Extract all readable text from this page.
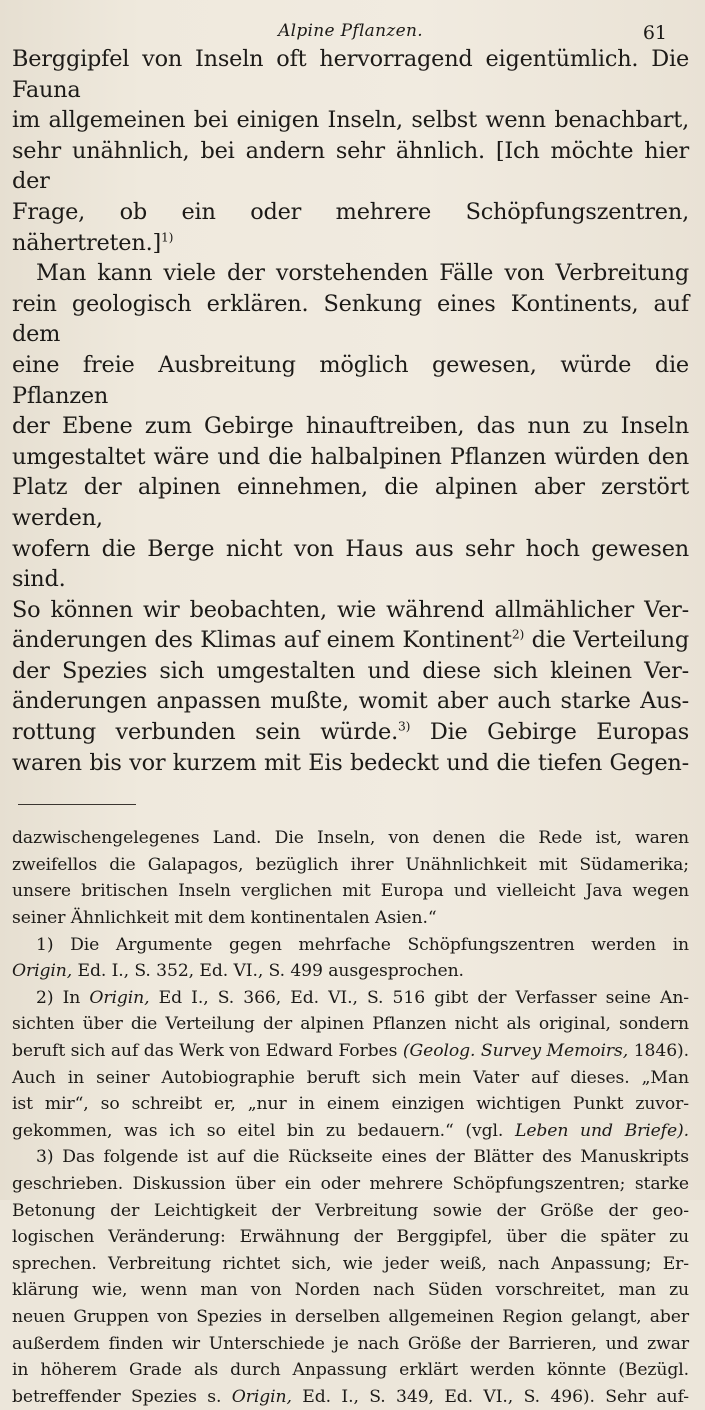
Alpine Pflanzen.	61
Berggipfel von Inseln oft hervorragend eigentümlich. Die Fauna
im allgemeinen bei einigen Inseln, selbst wenn benachbart,
sehr unähnlich, bei andern sehr ähnlich. [Ich möchte hier der
Frage, ob ein oder mehrere Schöpfungszentren, nähertreten.]$^{1)}$
Man kann viele der vorstehenden Fälle von Verbreitung
rein geologisch erklären. Senkung eines Kontinents, auf dem
eine freie Ausbreitung möglich gewesen, würde die Pflanzen
der Ebene zum Gebirge hinauftreiben, das nun zu Inseln
umgestaltet wäre und die halbalpinen Pflanzen würden den
Platz der alpinen einnehmen, die alpinen aber zerstört werden,
wofern die Berge nicht von Haus aus sehr hoch gewesen sind.
So können wir beobachten, wie während allmählicher Ver-
änderungen des Klimas auf einem Kontinent$^{2)}$ die Verteilung
der Spezies sich umgestalten und diese sich kleinen Ver-
änderungen anpassen mußte, womit aber auch starke Aus-
rottung verbunden sein würde.$^{3)}$ Die Gebirge Europas
waren bis vor kurzem mit Eis bedeckt und die tiefen Gegen-
dazwischengelegenes Land. Die Inseln, von denen die Rede ist, waren
zweifellos die Galapagos, bezüglich ihrer Unähnlichkeit mit Südamerika;
unsere britischen Inseln verglichen mit Europa und vielleicht Java wegen
seiner Ähnlichkeit mit dem kontinentalen Asien.“
1) Die Argumente gegen mehrfache Schöpfungszentren werden in
Origin, Ed. I., S. 352, Ed. VI., S. 499 ausgesprochen.
2) In Origin, Ed I., S. 366, Ed. VI., S. 516 gibt der Verfasser seine An-
sichten über die Verteilung der alpinen Pflanzen nicht als original, sondern
beruft sich auf das Werk von Edward Forbes (Geolog. Survey Memoirs, 1846).
Auch in seiner Autobiographie beruft sich mein Vater auf dieses. „Man
ist mir“, so schreibt er, „nur in einem einzigen wichtigen Punkt zuvor-
gekommen, was ich so eitel bin zu bedauern.“ (vgl. Leben und Briefe).
3) Das folgende ist auf die Rückseite eines der Blätter des Manuskripts
geschrieben. Diskussion über ein oder mehrere Schöpfungszentren; starke
Betonung der Leichtigkeit der Verbreitung sowie der Größe der geo-
logischen Veränderung: Erwähnung der Berggipfel, über die später zu
sprechen. Verbreitung richtet sich, wie jeder weiß, nach Anpassung; Er-
klärung wie, wenn man von Norden nach Süden vorschreitet, man zu
neuen Gruppen von Spezies in derselben allgemeinen Region gelangt, aber
außerdem finden wir Unterschiede je nach Größe der Barrieren, und zwar
in höherem Grade als durch Anpassung erklärt werden könnte (Bezügl.
betreffender Spezies s. Origin, Ed. I., S. 349, Ed. VI., S. 496). Sehr auf-
